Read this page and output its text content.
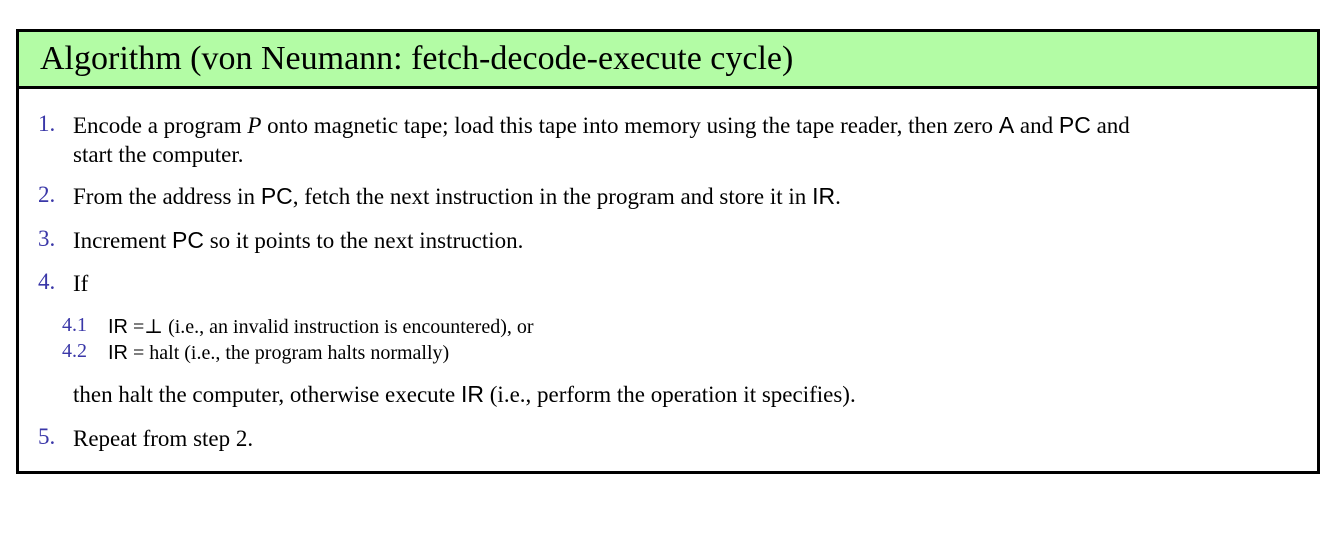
Algorithm (von Neumann: fetch-decode-execute cycle)
1. Encode a program P onto magnetic tape; load this tape into memory using the tape reader, then zero A and PC and
start the computer.
2. From the address in PC, fetch the next instruction in the program and store it in IR.
3. Increment PC so it points to the next instruction.
4. If
4.1 IR =⊥ (i.e., an invalid instruction is encountered), or
4.2 IR = halt (i.e., the program halts normally)
then halt the computer, otherwise execute IR (i.e., perform the operation it specifies).
5. Repeat from step 2.
